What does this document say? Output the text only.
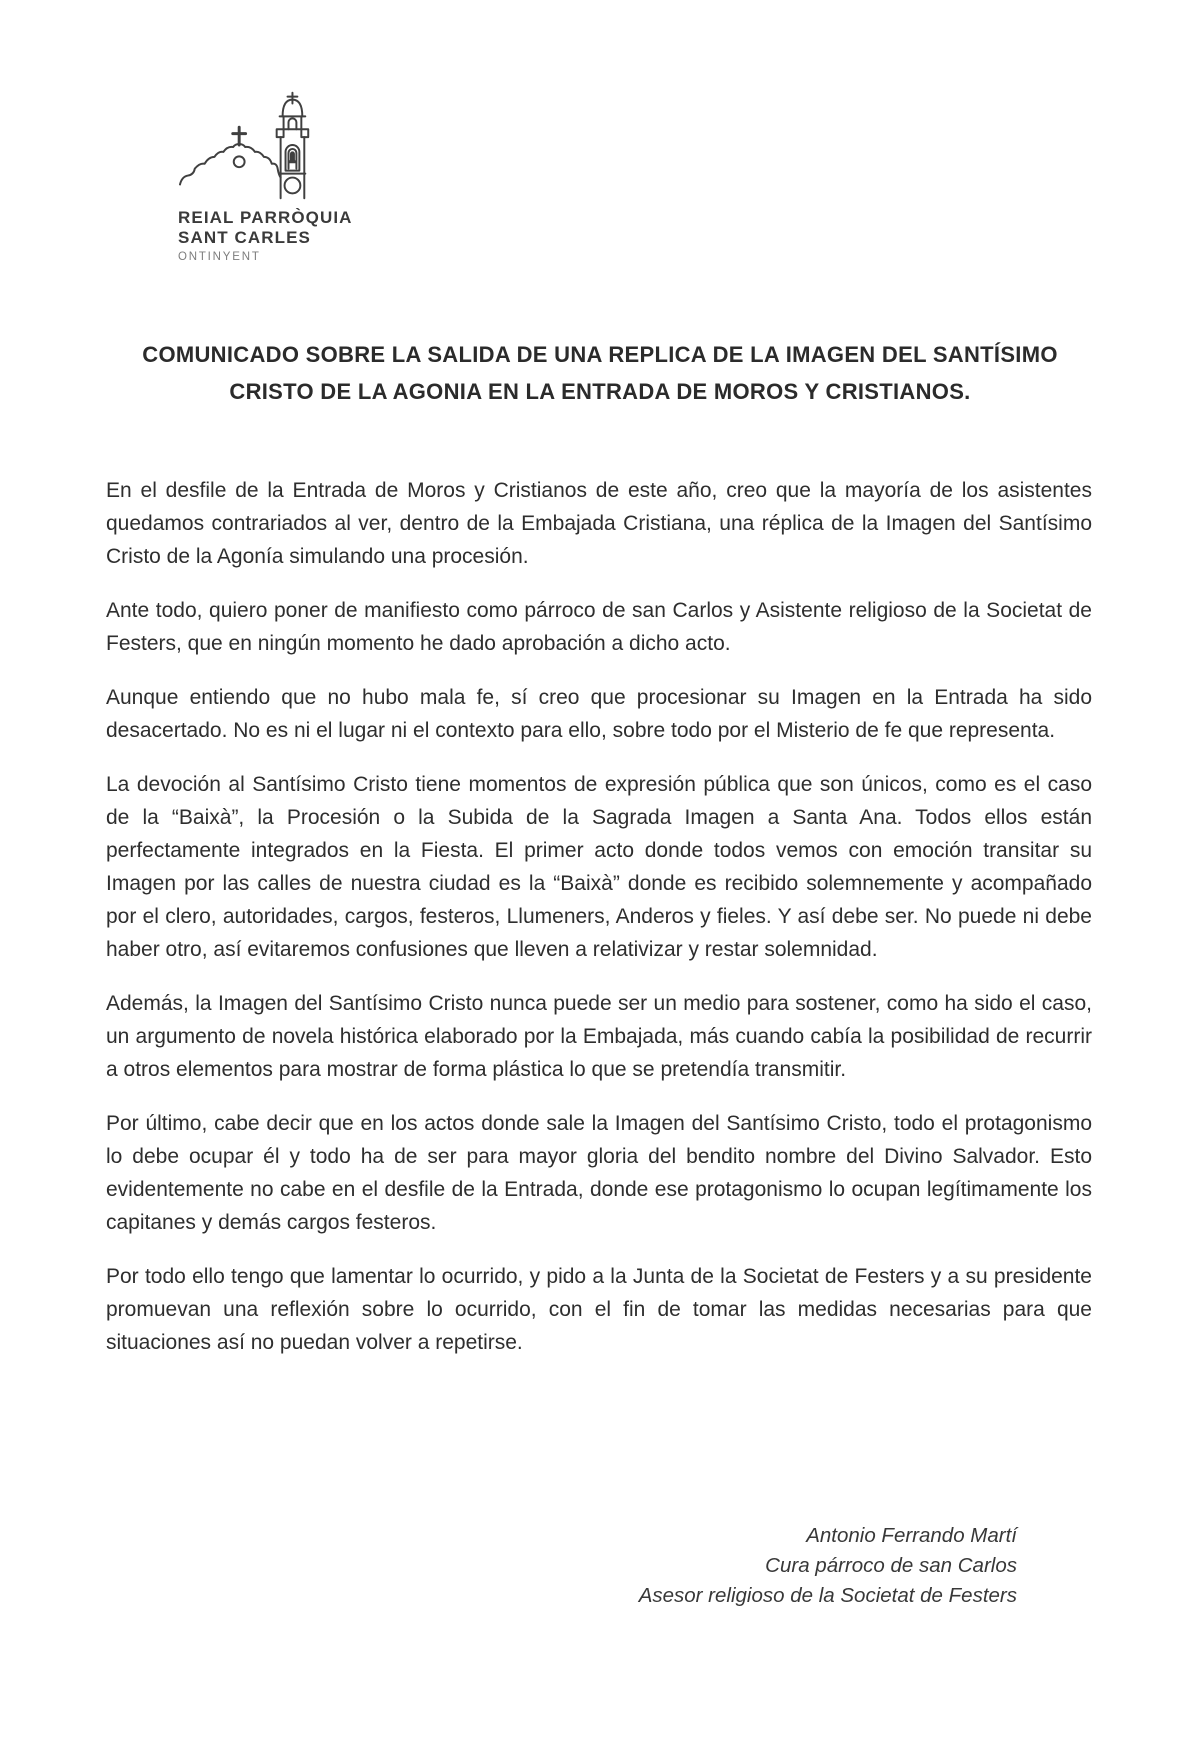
REIAL PARRÒQUIA
SANT CARLES
ONTINYENT
COMUNICADO SOBRE LA SALIDA DE UNA REPLICA DE LA IMAGEN DEL SANTÍSIMO
CRISTO DE LA AGONIA EN LA ENTRADA DE MOROS Y CRISTIANOS.

En el desfile de la Entrada de Moros y Cristianos de este año, creo que la mayoría de los asistentes quedamos contrariados al ver, dentro de la Embajada Cristiana, una réplica de la Imagen del Santísimo Cristo de la Agonía simulando una procesión.

Ante todo, quiero poner de manifiesto como párroco de san Carlos y Asistente religioso de la Societat de Festers, que en ningún momento he dado aprobación a dicho acto.

Aunque entiendo que no hubo mala fe, sí creo que procesionar su Imagen en la Entrada ha sido desacertado. No es ni el lugar ni el contexto para ello, sobre todo por el Misterio de fe que representa.

La devoción al Santísimo Cristo tiene momentos de expresión pública que son únicos, como es el caso de la “Baixà”, la Procesión o la Subida de la Sagrada Imagen a Santa Ana. Todos ellos están perfectamente integrados en la Fiesta. El primer acto donde todos vemos con emoción transitar su Imagen por las calles de nuestra ciudad es la “Baixà” donde es recibido solemnemente y acompañado por el clero, autoridades, cargos, festeros, Llumeners, Anderos y fieles. Y así debe ser. No puede ni debe haber otro, así evitaremos confusiones que lleven a relativizar y restar solemnidad.

Además, la Imagen del Santísimo Cristo nunca puede ser un medio para sostener, como ha sido el caso, un argumento de novela histórica elaborado por la Embajada, más cuando cabía la posibilidad de recurrir a otros elementos para mostrar de forma plástica lo que se pretendía transmitir.

Por último, cabe decir que en los actos donde sale la Imagen del Santísimo Cristo, todo el protagonismo lo debe ocupar él y todo ha de ser para mayor gloria del bendito nombre del Divino Salvador. Esto evidentemente no cabe en el desfile de la Entrada, donde ese protagonismo lo ocupan legítimamente los capitanes y demás cargos festeros.

Por todo ello tengo que lamentar lo ocurrido, y pido a la Junta de la Societat de Festers y a su presidente promuevan una reflexión sobre lo ocurrido, con el fin de tomar las medidas necesarias para que situaciones así no puedan volver a repetirse.

Antonio Ferrando Martí
Cura párroco de san Carlos
Asesor religioso de la Societat de Festers
